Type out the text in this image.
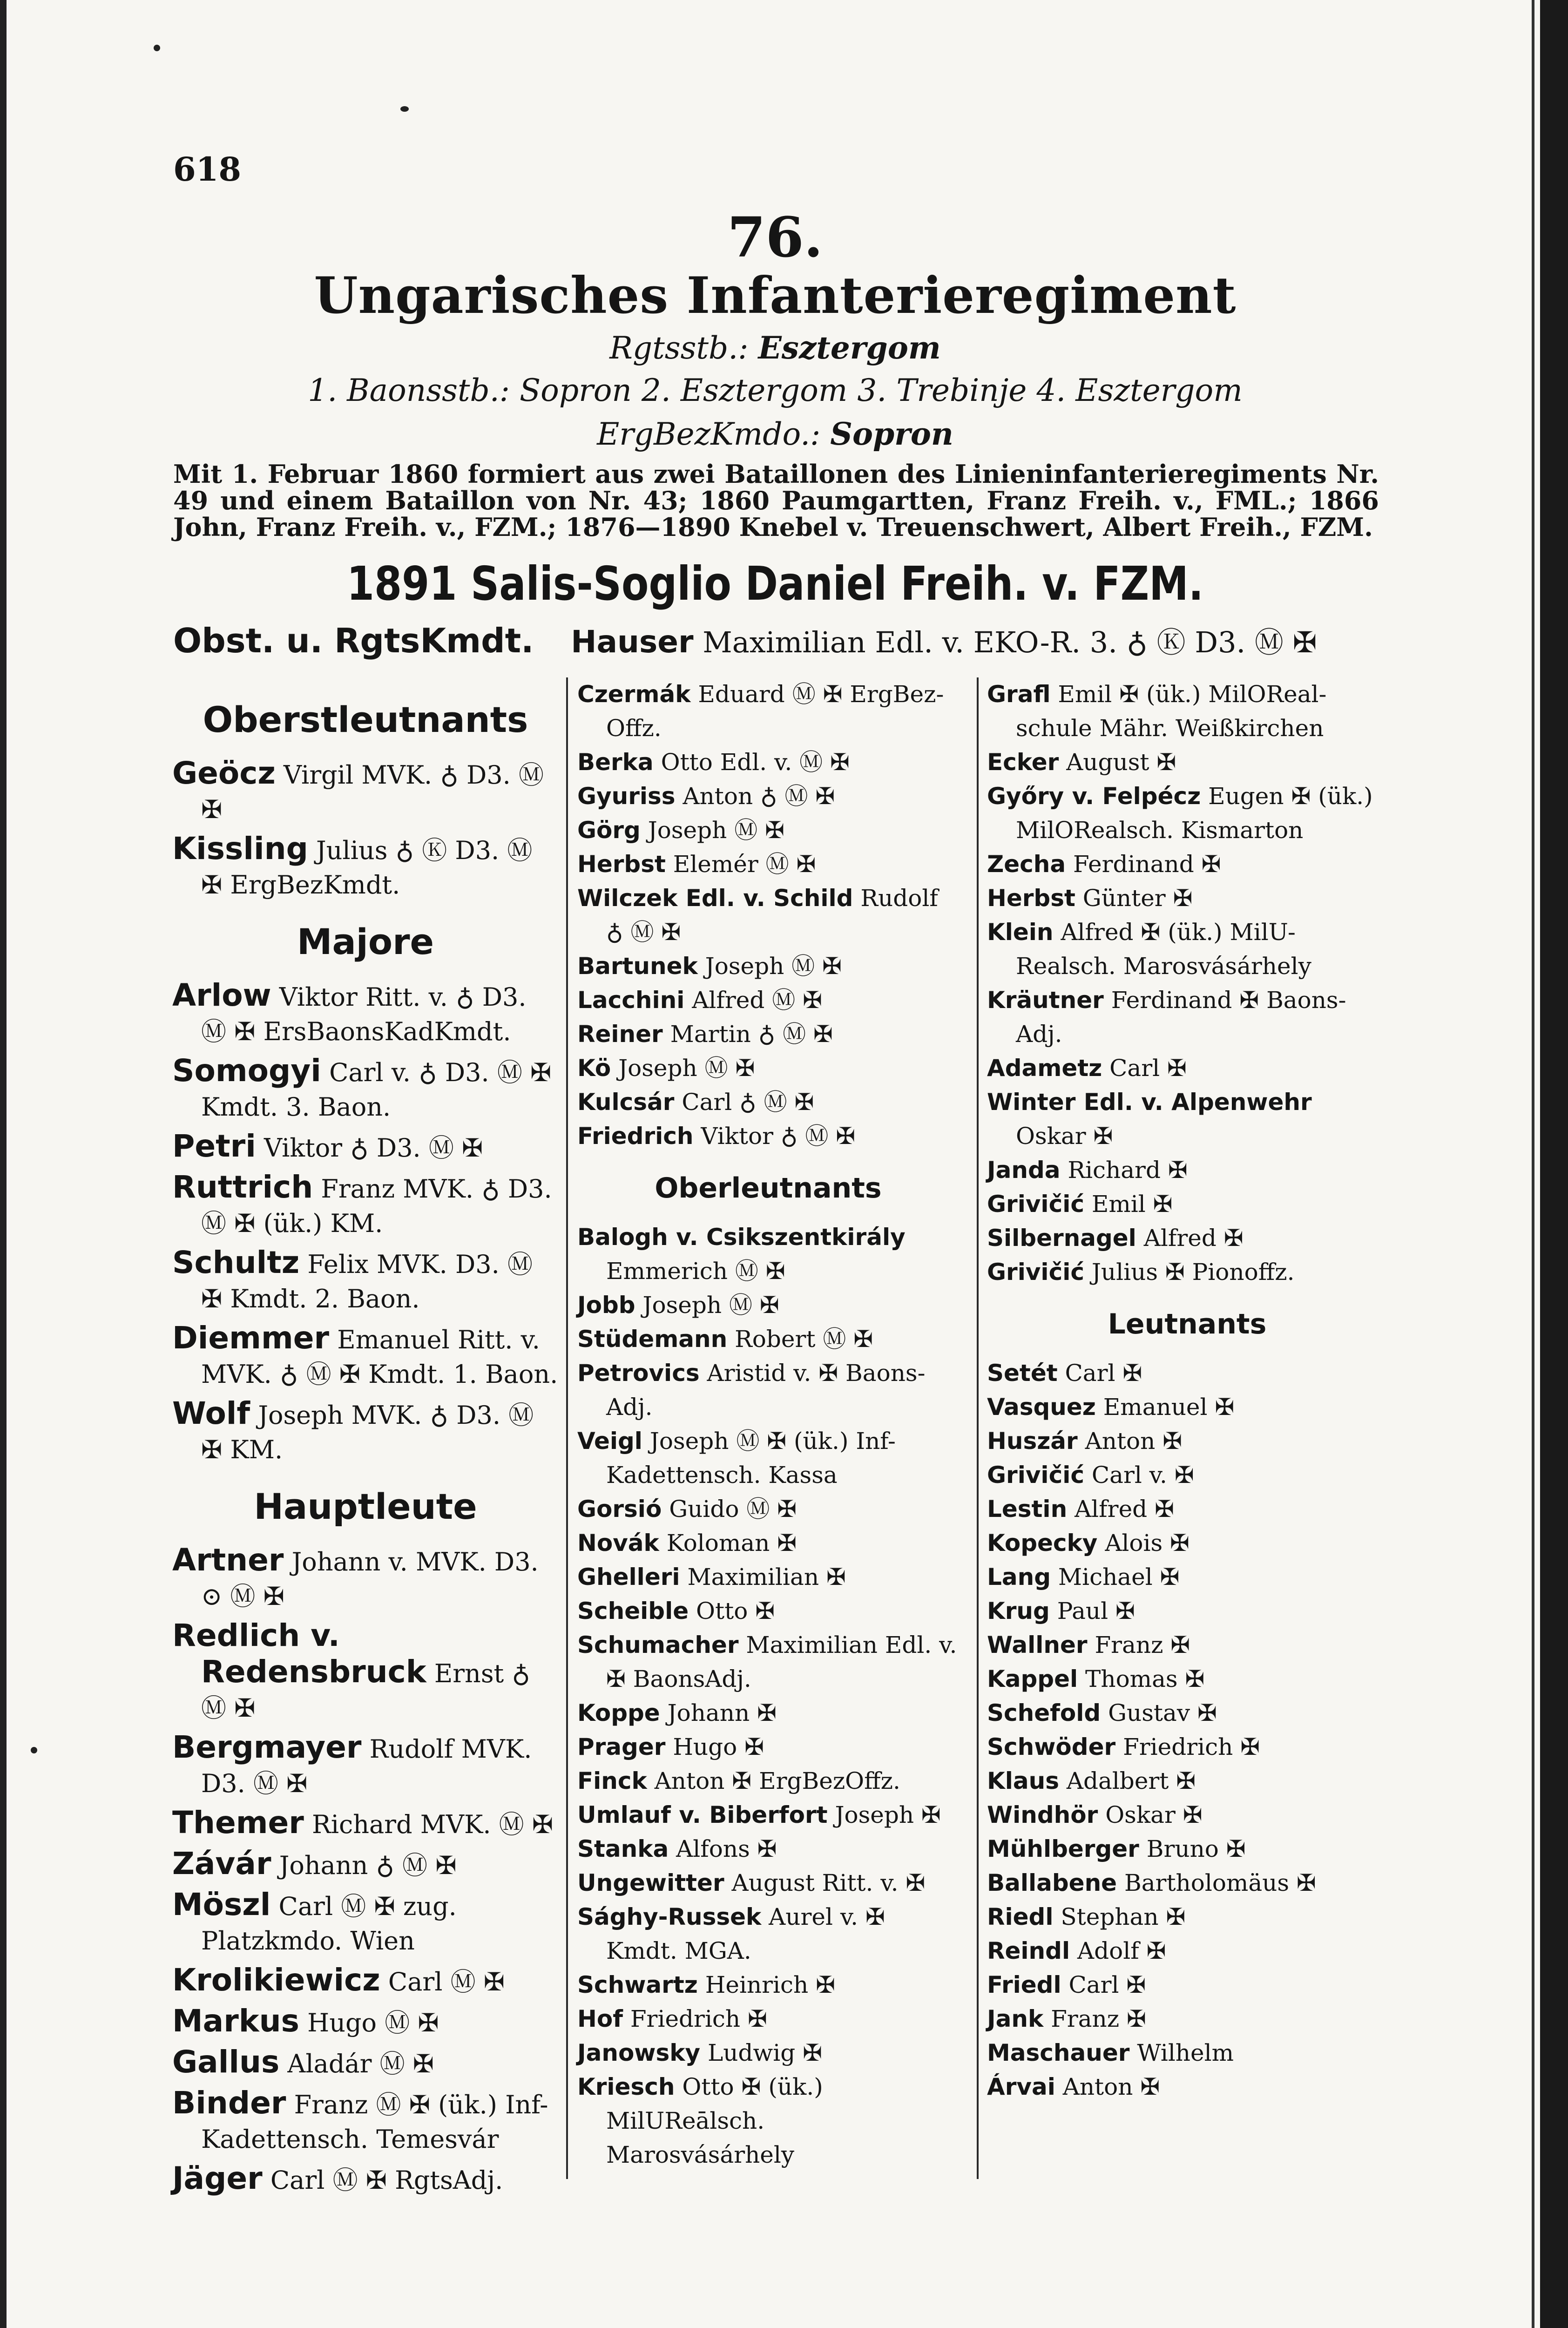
618
76.
Ungarisches Infanterieregiment
Rgtsstb.: Esztergom
1. Baonsstb.: Sopron 2. Esztergom 3. Trebinje 4. Esztergom
ErgBezKmdo.: Sopron
Mit 1. Februar 1860 formiert aus zwei Bataillonen des Linieninfanterieregiments Nr. 49 und einem Bataillon von Nr. 43; 1860 Paumgartten, Franz Freih. v., FML.; 1866 John, Franz Freih. v., FZM.; 1876—1890 Knebel v. Treuenschwert, Albert Freih., FZM.
1891 Salis-Soglio Daniel Freih. v. FZM.
Obst. u. RgtsKmdt. Hauser Maximilian Edl. v. EKO-R. 3. ♁ Ⓚ D3. Ⓜ ✠
Oberstleutnants
Geöcz Virgil MVK. ♁ D3. Ⓜ ✠
Kissling Julius ♁ Ⓚ D3. Ⓜ ✠ ErgBezKmdt.
Majore
Arlow Viktor Ritt. v. ♁ D3. Ⓜ ✠ ErsBaonsKadKmdt.
Somogyi Carl v. ♁ D3. Ⓜ ✠ Kmdt. 3. Baon.
Petri Viktor ♁ D3. Ⓜ ✠
Ruttrich Franz MVK. ♁ D3. Ⓜ ✠ (ük.) KM.
Schultz Felix MVK. D3. Ⓜ ✠ Kmdt. 2. Baon.
Diemmer Emanuel Ritt. v. MVK. ♁ Ⓜ ✠ Kmdt. 1. Baon.
Wolf Joseph MVK. ♁ D3. Ⓜ ✠ KM.
Hauptleute
Artner Johann v. MVK. D3. ⊙ Ⓜ ✠
Redlich v. Redensbruck Ernst ♁ Ⓜ ✠
Bergmayer Rudolf MVK. D3. Ⓜ ✠
Themer Richard MVK. Ⓜ ✠
Závár Johann ♁ Ⓜ ✠
Möszl Carl Ⓜ ✠ zug. Platzkmdo. Wien
Krolikiewicz Carl Ⓜ ✠
Markus Hugo Ⓜ ✠
Gallus Aladár Ⓜ ✠
Binder Franz Ⓜ ✠ (ük.) Inf-Kadettensch. Temesvár
Jäger Carl Ⓜ ✠ RgtsAdj.
Czermák Eduard Ⓜ ✠ ErgBez-Offz.
Berka Otto Edl. v. Ⓜ ✠
Gyuriss Anton ♁ Ⓜ ✠
Görg Joseph Ⓜ ✠
Herbst Elemér Ⓜ ✠
Wilczek Edl. v. Schild Rudolf ♁ Ⓜ ✠
Bartunek Joseph Ⓜ ✠
Lacchini Alfred Ⓜ ✠
Reiner Martin ♁ Ⓜ ✠
Kö Joseph Ⓜ ✠
Kulcsár Carl ♁ Ⓜ ✠
Friedrich Viktor ♁ Ⓜ ✠
Oberleutnants
Balogh v. Csikszentkirály Emmerich Ⓜ ✠
Jobb Joseph Ⓜ ✠
Stüdemann Robert Ⓜ ✠
Petrovics Aristid v. ✠ Baons-Adj.
Veigl Joseph Ⓜ ✠ (ük.) Inf-Kadettensch. Kassa
Gorsió Guido Ⓜ ✠
Novák Koloman ✠
Ghelleri Maximilian ✠
Scheible Otto ✠
Schumacher Maximilian Edl. v. ✠ BaonsAdj.
Koppe Johann ✠
Prager Hugo ✠
Finck Anton ✠ ErgBezOffz.
Umlauf v. Biberfort Joseph ✠
Stanka Alfons ✠
Ungewitter August Ritt. v. ✠
Sághy-Russek Aurel v. ✠ Kmdt. MGA.
Schwartz Heinrich ✠
Hof Friedrich ✠
Janowsky Ludwig ✠
Kriesch Otto ✠ (ük.) MilUReālsch. Marosvásárhely
Grafl Emil ✠ (ük.) MilOReal-schule Mähr. Weißkirchen
Ecker August ✠
Győry v. Felpécz Eugen ✠ (ük.) MilORealsch. Kismarton
Zecha Ferdinand ✠
Herbst Günter ✠
Klein Alfred ✠ (ük.) MilU-Realsch. Marosvásárhely
Kräutner Ferdinand ✠ Baons-Adj.
Adametz Carl ✠
Winter Edl. v. Alpenwehr Oskar ✠
Janda Richard ✠
Grivičić Emil ✠
Silbernagel Alfred ✠
Grivičić Julius ✠ Pionoffz.
Leutnants
Setét Carl ✠
Vasquez Emanuel ✠
Huszár Anton ✠
Grivičić Carl v. ✠
Lestin Alfred ✠
Kopecky Alois ✠
Lang Michael ✠
Krug Paul ✠
Wallner Franz ✠
Kappel Thomas ✠
Schefold Gustav ✠
Schwöder Friedrich ✠
Klaus Adalbert ✠
Windhör Oskar ✠
Mühlberger Bruno ✠
Ballabene Bartholomäus ✠
Riedl Stephan ✠
Reindl Adolf ✠
Friedl Carl ✠
Jank Franz ✠
Maschauer Wilhelm
Árvai Anton ✠
